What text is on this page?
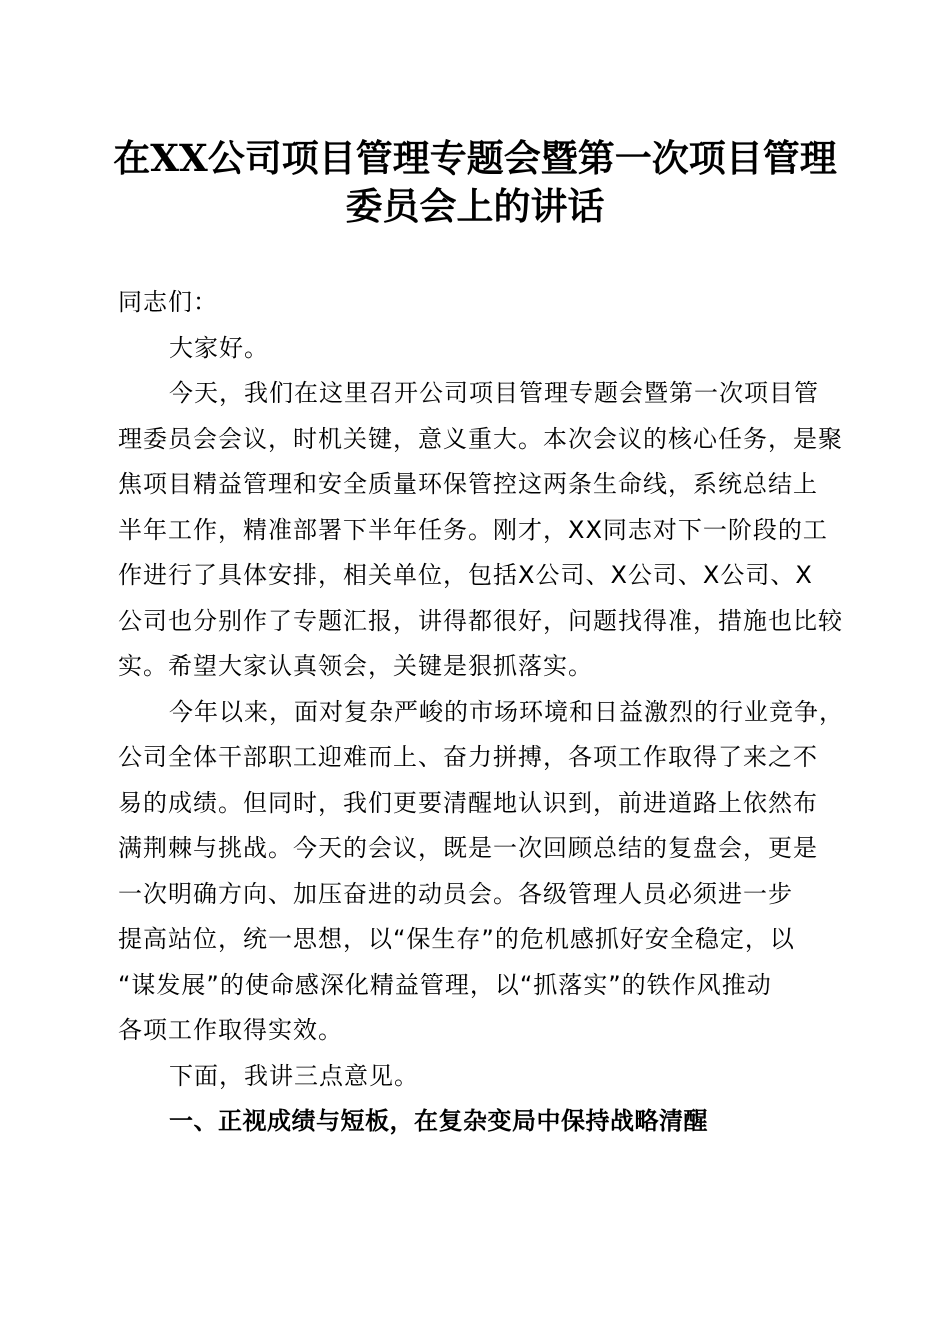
在XX公司项目管理专题会暨第一次项目管理
委员会上的讲话
同志们：
大家好。
今天，我们在这里召开公司项目管理专题会暨第一次项目管
理委员会会议，时机关键，意义重大。本次会议的核心任务，是聚
焦项目精益管理和安全质量环保管控这两条生命线，系统总结上
半年工作，精准部署下半年任务。刚才，XX同志对下一阶段的工
作进行了具体安排，相关单位，包括X公司、X公司、X公司、X
公司也分别作了专题汇报，讲得都很好，问题找得准，措施也比较
实。希望大家认真领会，关键是狠抓落实。
今年以来，面对复杂严峻的市场环境和日益激烈的行业竞争，
公司全体干部职工迎难而上、奋力拼搏，各项工作取得了来之不
易的成绩。但同时，我们更要清醒地认识到，前进道路上依然布
满荆棘与挑战。今天的会议，既是一次回顾总结的复盘会，更是
一次明确方向、加压奋进的动员会。各级管理人员必须进一步
提高站位，统一思想，以“保生存”的危机感抓好安全稳定，以
“谋发展”的使命感深化精益管理，以“抓落实”的铁作风推动
各项工作取得实效。
下面，我讲三点意见。
一、正视成绩与短板，在复杂变局中保持战略清醒
